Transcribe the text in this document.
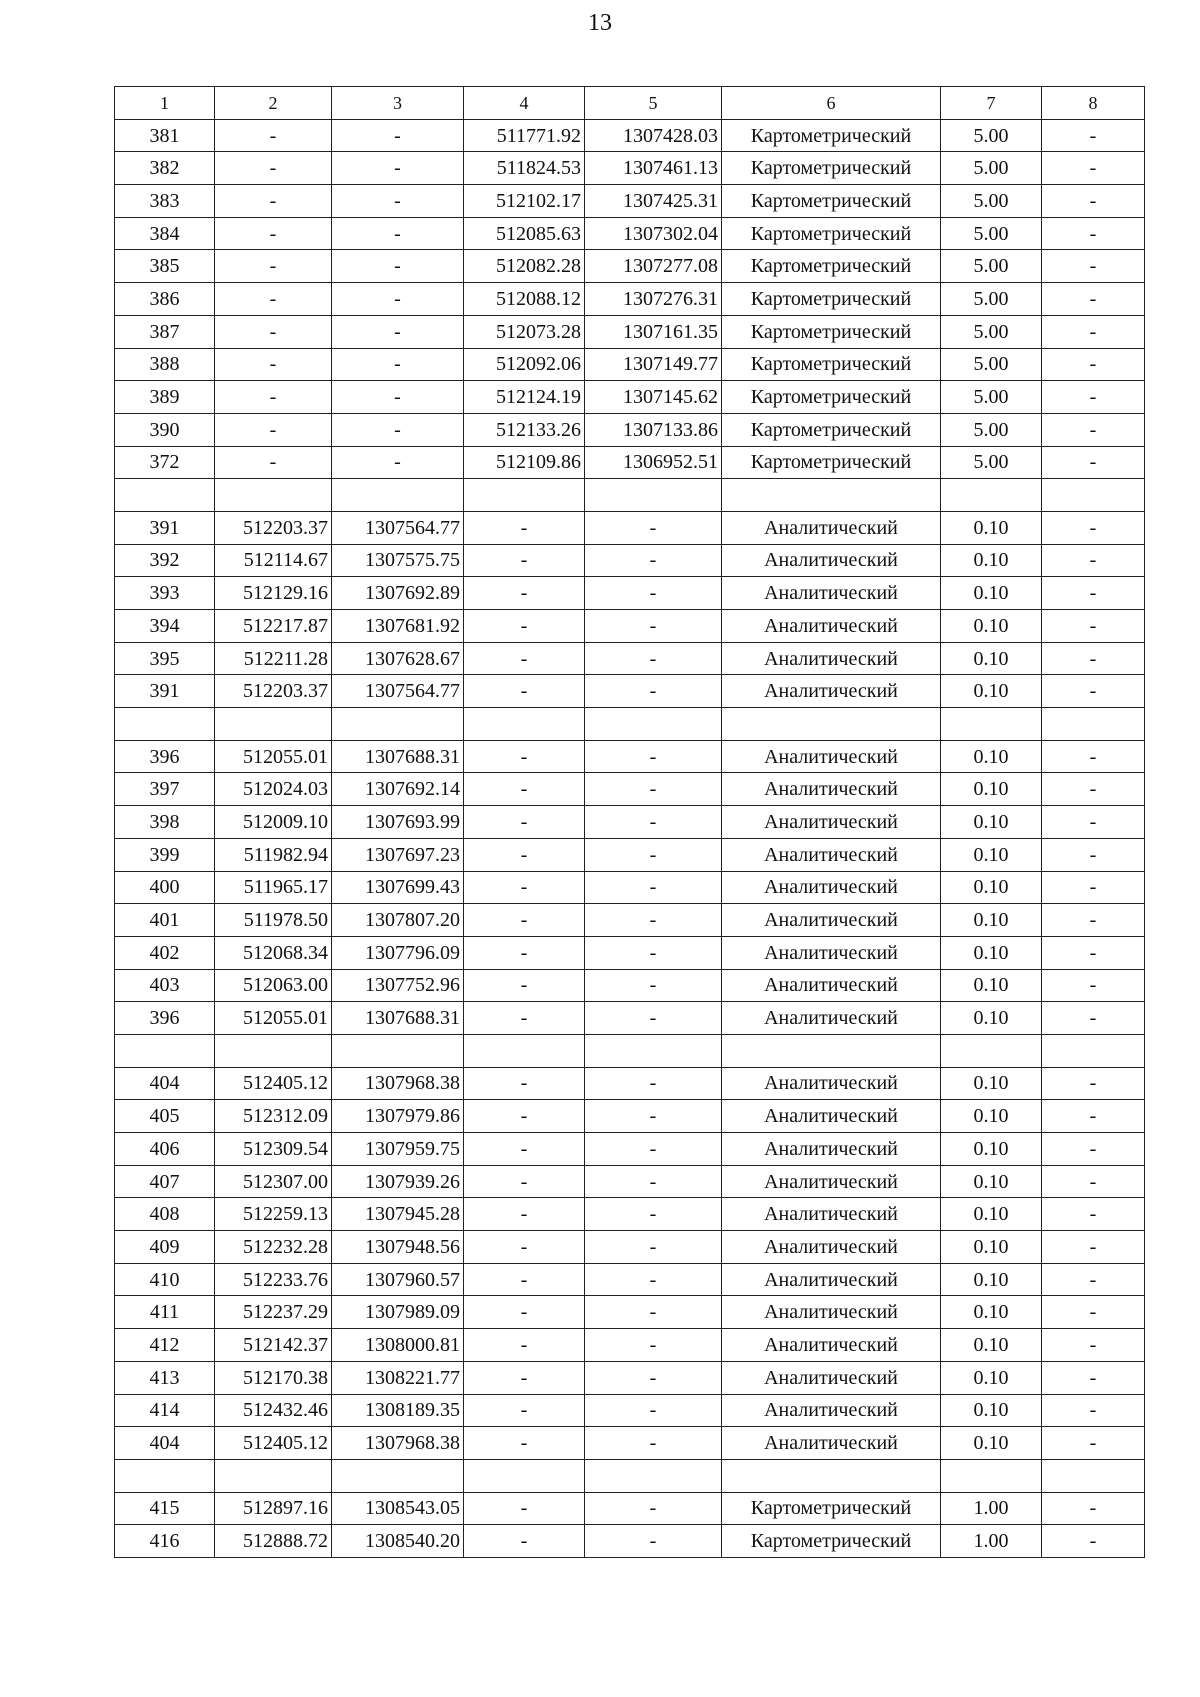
13
1	2	3	4	5	6	7	8
381	-	-	511771.92	1307428.03	Картометрический	5.00	-
382	-	-	511824.53	1307461.13	Картометрический	5.00	-
383	-	-	512102.17	1307425.31	Картометрический	5.00	-
384	-	-	512085.63	1307302.04	Картометрический	5.00	-
385	-	-	512082.28	1307277.08	Картометрический	5.00	-
386	-	-	512088.12	1307276.31	Картометрический	5.00	-
387	-	-	512073.28	1307161.35	Картометрический	5.00	-
388	-	-	512092.06	1307149.77	Картометрический	5.00	-
389	-	-	512124.19	1307145.62	Картометрический	5.00	-
390	-	-	512133.26	1307133.86	Картометрический	5.00	-
372	-	-	512109.86	1306952.51	Картометрический	5.00	-

391	512203.37	1307564.77	-	-	Аналитический	0.10	-
392	512114.67	1307575.75	-	-	Аналитический	0.10	-
393	512129.16	1307692.89	-	-	Аналитический	0.10	-
394	512217.87	1307681.92	-	-	Аналитический	0.10	-
395	512211.28	1307628.67	-	-	Аналитический	0.10	-
391	512203.37	1307564.77	-	-	Аналитический	0.10	-

396	512055.01	1307688.31	-	-	Аналитический	0.10	-
397	512024.03	1307692.14	-	-	Аналитический	0.10	-
398	512009.10	1307693.99	-	-	Аналитический	0.10	-
399	511982.94	1307697.23	-	-	Аналитический	0.10	-
400	511965.17	1307699.43	-	-	Аналитический	0.10	-
401	511978.50	1307807.20	-	-	Аналитический	0.10	-
402	512068.34	1307796.09	-	-	Аналитический	0.10	-
403	512063.00	1307752.96	-	-	Аналитический	0.10	-
396	512055.01	1307688.31	-	-	Аналитический	0.10	-

404	512405.12	1307968.38	-	-	Аналитический	0.10	-
405	512312.09	1307979.86	-	-	Аналитический	0.10	-
406	512309.54	1307959.75	-	-	Аналитический	0.10	-
407	512307.00	1307939.26	-	-	Аналитический	0.10	-
408	512259.13	1307945.28	-	-	Аналитический	0.10	-
409	512232.28	1307948.56	-	-	Аналитический	0.10	-
410	512233.76	1307960.57	-	-	Аналитический	0.10	-
411	512237.29	1307989.09	-	-	Аналитический	0.10	-
412	512142.37	1308000.81	-	-	Аналитический	0.10	-
413	512170.38	1308221.77	-	-	Аналитический	0.10	-
414	512432.46	1308189.35	-	-	Аналитический	0.10	-
404	512405.12	1307968.38	-	-	Аналитический	0.10	-

415	512897.16	1308543.05	-	-	Картометрический	1.00	-
416	512888.72	1308540.20	-	-	Картометрический	1.00	-
